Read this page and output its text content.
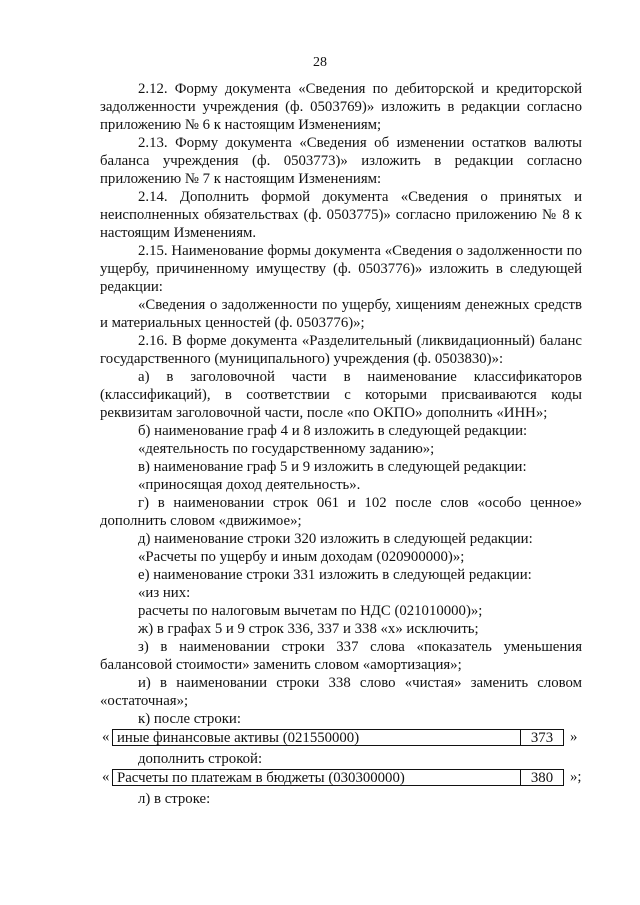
28

2.12. Форму документа «Сведения по дебиторской и кредиторской задолженности учреждения (ф. 0503769)» изложить в редакции согласно приложению № 6 к настоящим Изменениям;

2.13. Форму документа «Сведения об изменении остатков валюты баланса учреждения (ф. 0503773)» изложить в редакции согласно приложению № 7 к настоящим Изменениям:

2.14. Дополнить формой документа «Сведения о принятых и неисполненных обязательствах (ф. 0503775)» согласно приложению № 8 к настоящим Изменениям.

2.15. Наименование формы документа «Сведения о задолженности по ущербу, причиненному имуществу (ф. 0503776)» изложить в следующей редакции:

«Сведения о задолженности по ущербу, хищениям денежных средств и материальных ценностей (ф. 0503776)»;

2.16. В форме документа «Разделительный (ликвидационный) баланс государственного (муниципального) учреждения (ф. 0503830)»:

а) в заголовочной части в наименование классификаторов (классификаций), в соответствии с которыми присваиваются коды реквизитам заголовочной части, после «по ОКПО» дополнить «ИНН»;

б) наименование граф 4 и 8 изложить в следующей редакции:

«деятельность по государственному заданию»;

в) наименование граф 5 и 9 изложить в следующей редакции:

«приносящая доход деятельность».

г) в наименовании строк 061 и 102 после слов «особо ценное» дополнить словом «движимое»;

д) наименование строки 320 изложить в следующей редакции:

«Расчеты по ущербу и иным доходам (020900000)»;

е) наименование строки 331 изложить в следующей редакции:

«из них:

расчеты по налоговым вычетам по НДС (021010000)»;

ж) в графах 5 и 9 строк 336, 337 и 338 «х» исключить;

з) в наименовании строки 337 слова «показатель уменьшения балансовой стоимости» заменить словом «амортизация»;

и) в наименовании строки 338 слово «чистая» заменить словом «остаточная»;

к) после строки:

« иные финансовые активы (021550000)	373	»

дополнить строкой:

« Расчеты по платежам в бюджеты (030300000)	380	»;

л) в строке:
